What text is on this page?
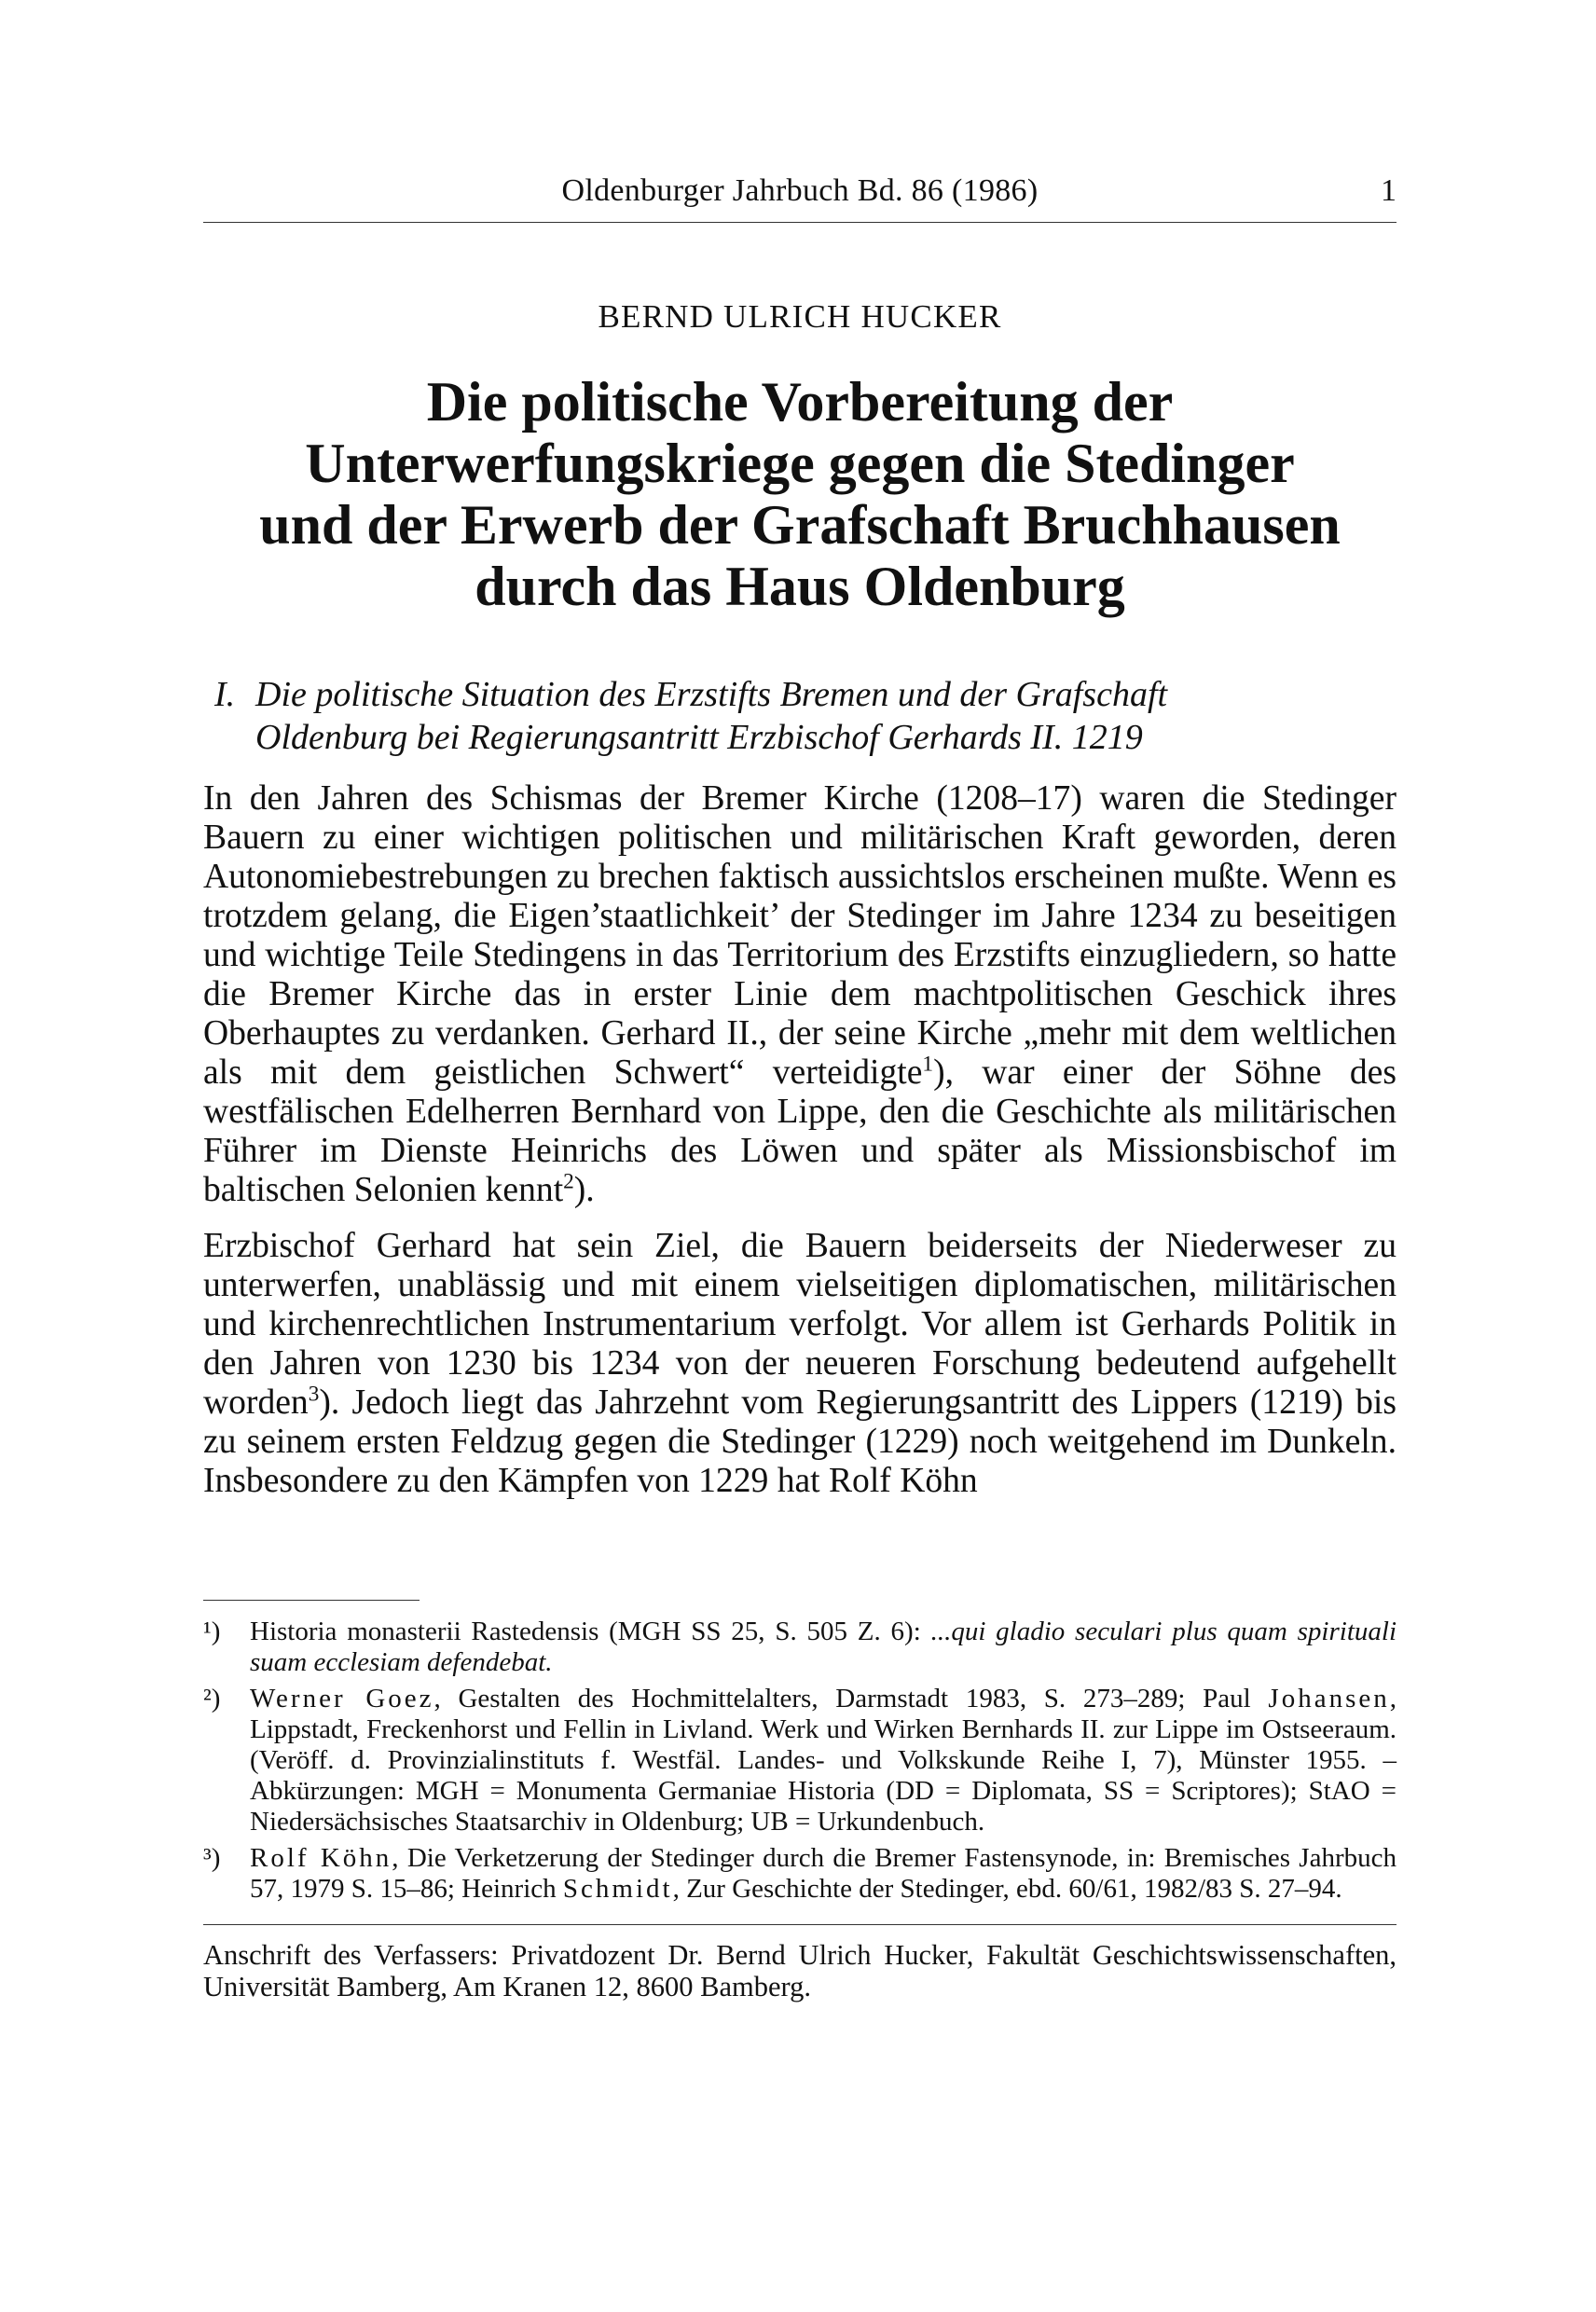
Oldenburger Jahrbuch Bd. 86 (1986)	1
BERND ULRICH HUCKER
Die politische Vorbereitung der
Unterwerfungskriege gegen die Stedinger
und der Erwerb der Grafschaft Bruchhausen
durch das Haus Oldenburg
I. Die politische Situation des Erzstifts Bremen und der Grafschaft
Oldenburg bei Regierungsantritt Erzbischof Gerhards II. 1219

In den Jahren des Schismas der Bremer Kirche (1208–17) waren die Stedinger Bauern zu einer wichtigen politischen und militärischen Kraft geworden, deren Autonomiebestrebungen zu brechen faktisch aussichtslos erscheinen mußte. Wenn es trotzdem gelang, die Eigen’staatlichkeit’ der Stedinger im Jahre 1234 zu beseitigen und wichtige Teile Stedingens in das Territorium des Erzstifts einzugliedern, so hatte die Bremer Kirche das in erster Linie dem machtpolitischen Geschick ihres Oberhauptes zu verdanken. Gerhard II., der seine Kirche „mehr mit dem weltlichen als mit dem geistlichen Schwert“ verteidigte$^1$), war einer der Söhne des westfälischen Edelherren Bernhard von Lippe, den die Geschichte als militärischen Führer im Dienste Heinrichs des Löwen und später als Missionsbischof im baltischen Selonien kennt$^2$).

Erzbischof Gerhard hat sein Ziel, die Bauern beiderseits der Niederweser zu unterwerfen, unablässig und mit einem vielseitigen diplomatischen, militärischen und kirchenrechtlichen Instrumentarium verfolgt. Vor allem ist Gerhards Politik in den Jahren von 1230 bis 1234 von der neueren Forschung bedeutend aufgehellt worden$^3$). Jedoch liegt das Jahrzehnt vom Regierungsantritt des Lippers (1219) bis zu seinem ersten Feldzug gegen die Stedinger (1229) noch weitgehend im Dunkeln. Insbesondere zu den Kämpfen von 1229 hat Rolf Köhn

¹)	Historia monasterii Rastedensis (MGH SS 25, S. 505 Z. 6): ...qui gladio seculari plus quam spirituali suam ecclesiam defendebat.
²)	Werner Goez, Gestalten des Hochmittelalters, Darmstadt 1983, S. 273–289; Paul Johansen, Lippstadt, Freckenhorst und Fellin in Livland. Werk und Wirken Bernhards II. zur Lippe im Ostseeraum. (Veröff. d. Provinzialinstituts f. Westfäl. Landes- und Volkskunde Reihe I, 7), Münster 1955. – Abkürzungen: MGH = Monumenta Germaniae Historia (DD = Diplomata, SS = Scriptores); StAO = Niedersächsisches Staatsarchiv in Oldenburg; UB = Urkundenbuch.
³)	Rolf Köhn, Die Verketzerung der Stedinger durch die Bremer Fastensynode, in: Bremisches Jahrbuch 57, 1979 S. 15–86; Heinrich Schmidt, Zur Geschichte der Stedinger, ebd. 60/61, 1982/83 S. 27–94.
Anschrift des Verfassers: Privatdozent Dr. Bernd Ulrich Hucker, Fakultät Geschichtswissenschaften, Universität Bamberg, Am Kranen 12, 8600 Bamberg.
